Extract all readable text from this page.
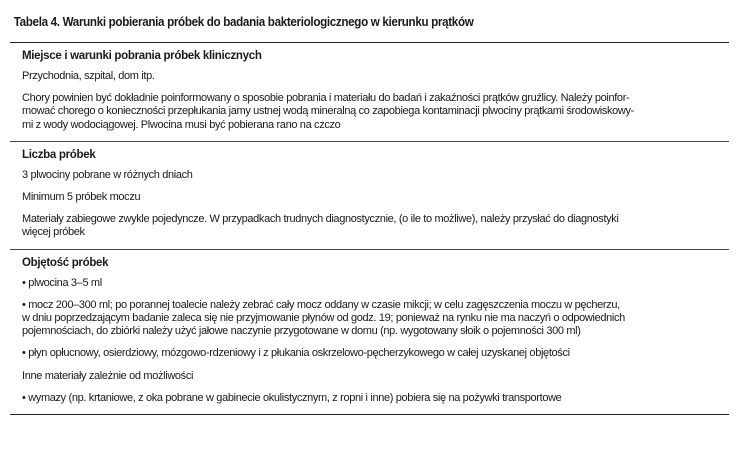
Tabela 4. Warunki pobierania próbek do badania bakteriologicznego w kierunku prątków
Miejsce i warunki pobrania próbek klinicznych
Przychodnia, szpital, dom itp.
Chory powinien być dokładnie poinformowany o sposobie pobrania i materiału do badań i zakaźności prątków gruźlicy. Należy poinfor-
mować chorego o konieczności przepłukania jamy ustnej wodą mineralną co zapobiega kontaminacji plwociny prątkami środowiskowy-
mi z wody wodociągowej. Plwocina musi być pobierana rano na czczo
Liczba próbek
3 plwociny pobrane w różnych dniach
Minimum 5 próbek moczu
Materiały zabiegowe zwykle pojedyncze. W przypadkach trudnych diagnostycznie, (o ile to możliwe), należy przysłać do diagnostyki
więcej próbek
Objętość próbek
• plwocina 3–5 ml
• mocz 200–300 ml; po porannej toalecie należy zebrać cały mocz oddany w czasie mikcji; w celu zagęszczenia moczu w pęcherzu,
w dniu poprzedzającym badanie zaleca się nie przyjmowanie płynów od godz. 19; ponieważ na rynku nie ma naczyń o odpowiednich
pojemnościach, do zbiórki należy użyć jałowe naczynie przygotowane w domu (np. wygotowany słoik o pojemności 300 ml)
• płyn opłucnowy, osierdziowy, mózgowo-rdzeniowy i z płukania oskrzelowo-pęcherzykowego w całej uzyskanej objętości
Inne materiały zależnie od możliwości
• wymazy (np. krtaniowe, z oka pobrane w gabinecie okulistycznym, z ropni i inne) pobiera się na pożywki transportowe
